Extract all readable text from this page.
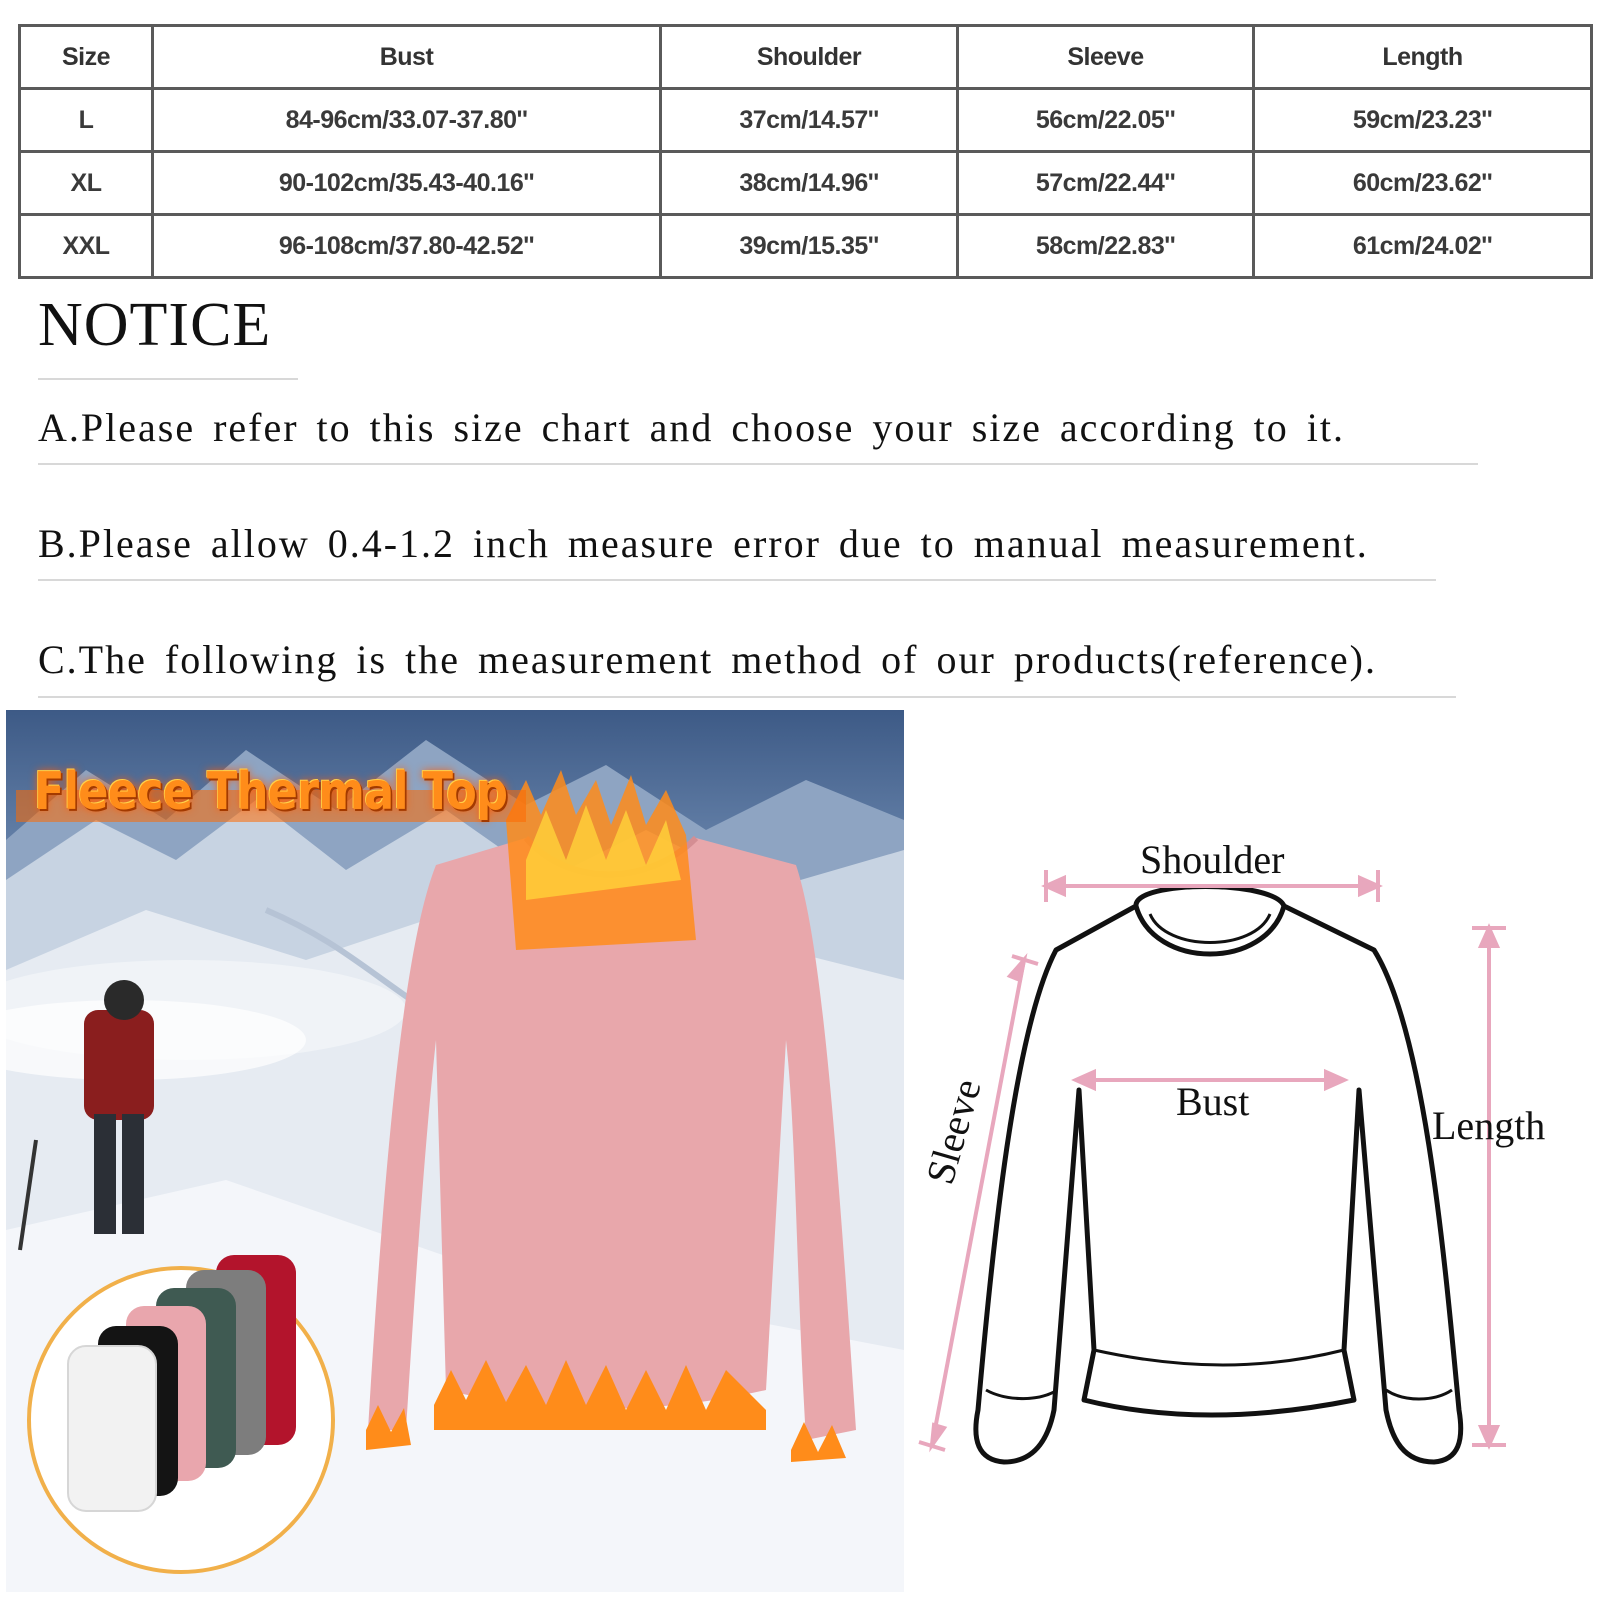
Size	Bust	Shoulder	Sleeve	Length
L	84-96cm/33.07-37.80''	37cm/14.57''	56cm/22.05''	59cm/23.23''
XL	90-102cm/35.43-40.16''	38cm/14.96''	57cm/22.44''	60cm/23.62''
XXL	96-108cm/37.80-42.52''	39cm/15.35''	58cm/22.83''	61cm/24.02''
NOTICE
A.Please refer to this size chart and choose your size according to it.
B.Please allow 0.4-1.2 inch measure error due to manual measurement.
C.The following is the measurement method of our products(reference).
Fleece Thermal Top
Shoulder
Bust
Sleeve	Length
